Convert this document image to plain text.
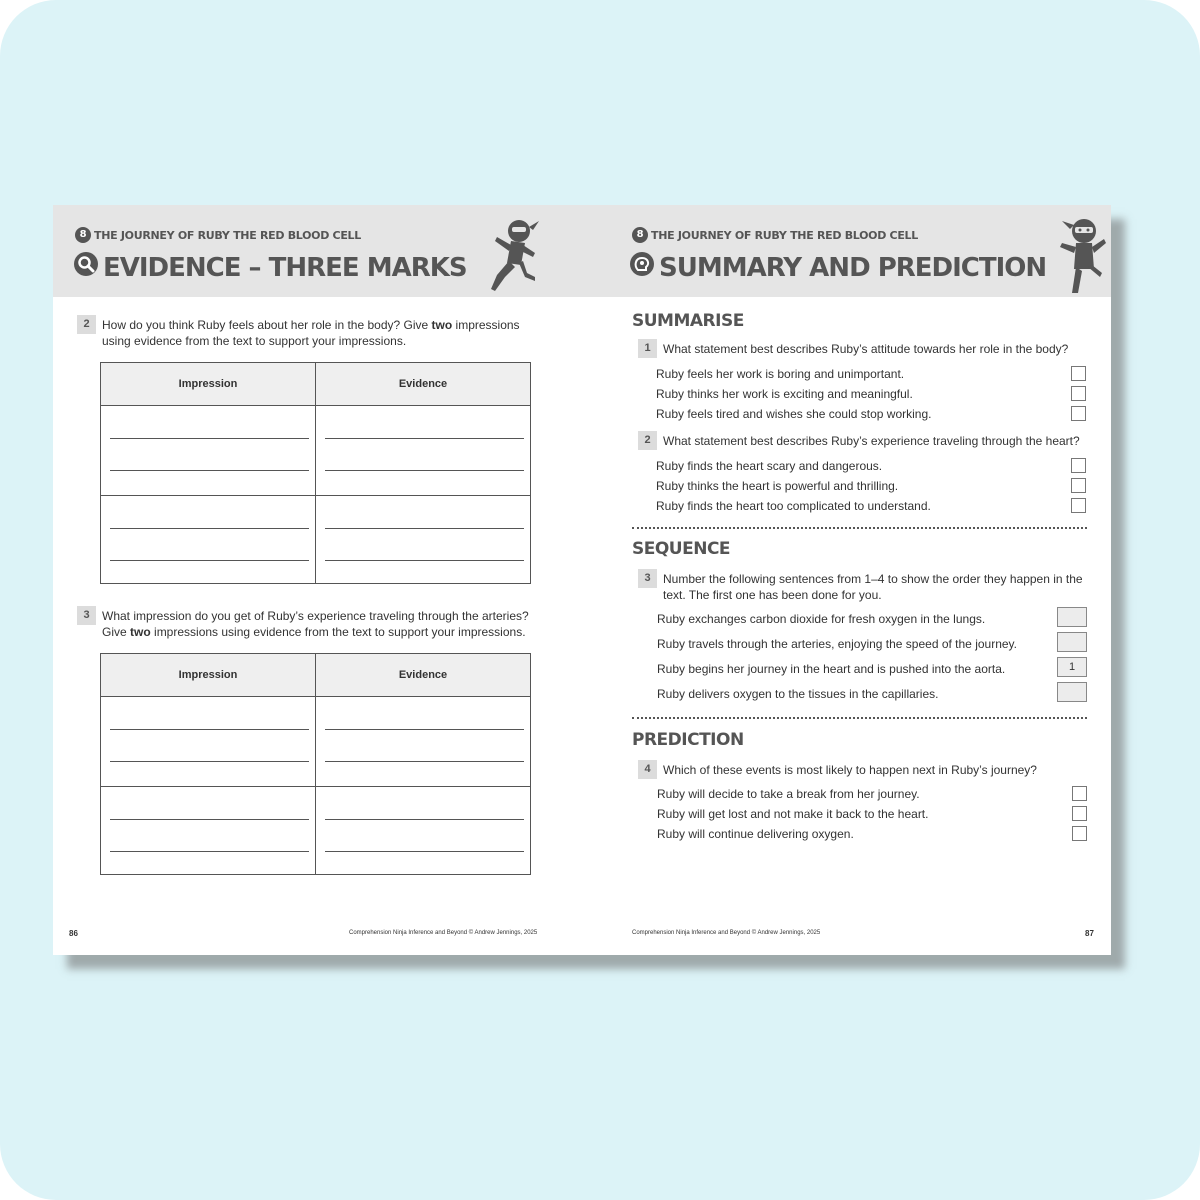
8 THE JOURNEY OF RUBY THE RED BLOOD CELL
EVIDENCE – THREE MARKS
2	How do you think Ruby feels about her role in the body? Give two impressions
using evidence from the text to support your impressions.
Impression	Evidence
3	What impression do you get of Ruby’s experience traveling through the arteries?
Give two impressions using evidence from the text to support your impressions.
Impression	Evidence
86	Comprehension Ninja Inference and Beyond © Andrew Jennings, 2025
8 THE JOURNEY OF RUBY THE RED BLOOD CELL
SUMMARY AND PREDICTION
SUMMARISE
1	What statement best describes Ruby’s attitude towards her role in the body?
Ruby feels her work is boring and unimportant.
Ruby thinks her work is exciting and meaningful.
Ruby feels tired and wishes she could stop working.
2	What statement best describes Ruby’s experience traveling through the heart?
Ruby finds the heart scary and dangerous.
Ruby thinks the heart is powerful and thrilling.
Ruby finds the heart too complicated to understand.
SEQUENCE
3	Number the following sentences from 1–4 to show the order they happen in the
text. The first one has been done for you.
Ruby exchanges carbon dioxide for fresh oxygen in the lungs.
Ruby travels through the arteries, enjoying the speed of the journey.
Ruby begins her journey in the heart and is pushed into the aorta.	1
Ruby delivers oxygen to the tissues in the capillaries.
PREDICTION
4	Which of these events is most likely to happen next in Ruby’s journey?
Ruby will decide to take a break from her journey.
Ruby will get lost and not make it back to the heart.
Ruby will continue delivering oxygen.
Comprehension Ninja Inference and Beyond © Andrew Jennings, 2025	87
